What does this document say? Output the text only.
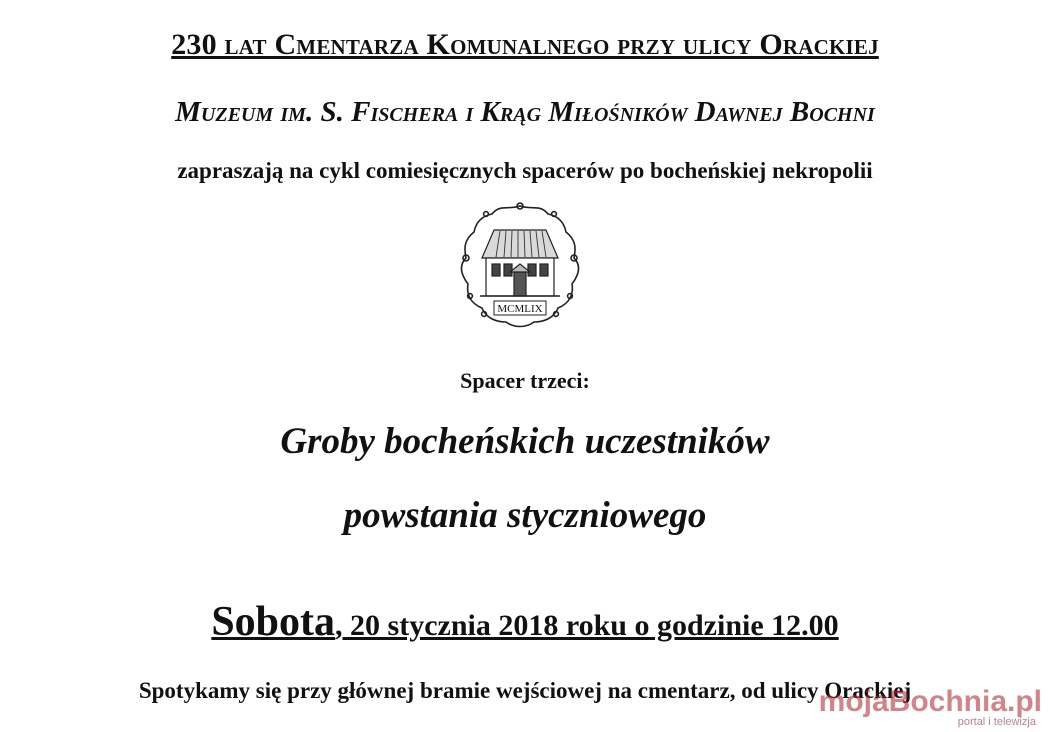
230 lat Cmentarza Komunalnego przy ulicy Orackiej
Muzeum im. S. Fischera i Krąg Miłośników Dawnej Bochni
zapraszają na cykl comiesięcznych spacerów po bocheńskiej nekropolii
MCMLIX
Spacer trzeci:
Groby bocheńskich uczestników
powstania styczniowego
Sobota, 20 stycznia 2018 roku o godzinie 12.00
Spotykamy się przy głównej bramie wejściowej na cmentarz, od ulicy Orackiej
mojaBochnia.pl
portal i telewizja
